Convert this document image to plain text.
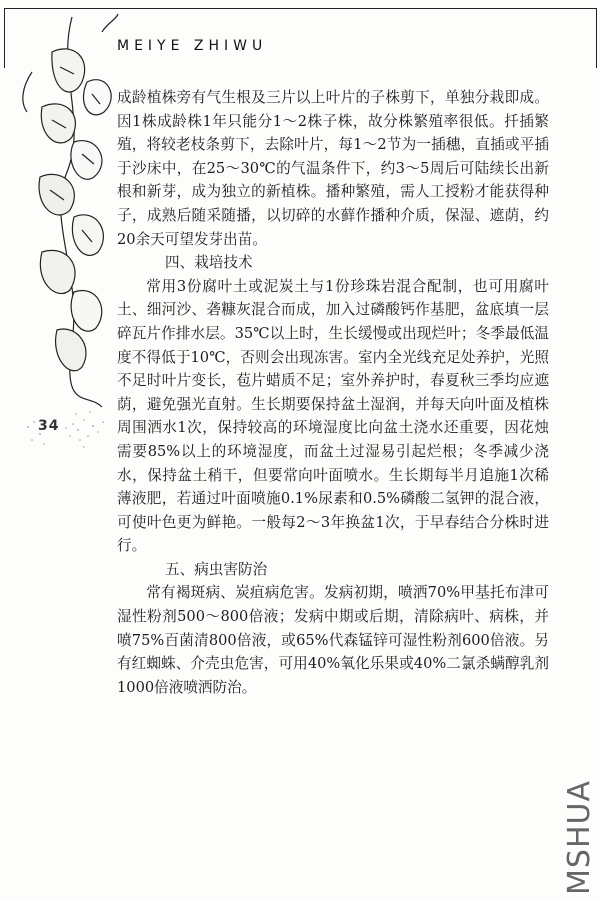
MEIYE ZHIWU
34

成龄植株旁有气生根及三片以上叶片的子株剪下，单独分栽即成。因1株成龄株1年只能分1～2株子株，故分株繁殖率很低。扦插繁殖，将较老枝条剪下，去除叶片，每1～2节为一插穗，直插或平插于沙床中，在25～30℃的气温条件下，约3～5周后可陆续长出新根和新芽，成为独立的新植株。播种繁殖，需人工授粉才能获得种子，成熟后随采随播，以切碎的水藓作播种介质，保湿、遮荫，约20余天可望发芽出苗。

四、栽培技术

常用3份腐叶土或泥炭土与1份珍珠岩混合配制，也可用腐叶土、细河沙、砻糠灰混合而成，加入过磷酸钙作基肥，盆底填一层碎瓦片作排水层。35℃以上时，生长缓慢或出现烂叶；冬季最低温度不得低于10℃，否则会出现冻害。室内全光线充足处养护，光照不足时叶片变长，苞片蜡质不足；室外养护时，春夏秋三季均应遮荫，避免强光直射。生长期要保持盆土湿润，并每天向叶面及植株周围洒水1次，保持较高的环境湿度比向盆土浇水还重要，因花烛需要85%以上的环境湿度，而盆土过湿易引起烂根；冬季减少浇水，保持盆土稍干，但要常向叶面喷水。生长期每半月追施1次稀薄液肥，若通过叶面喷施0.1%尿素和0.5%磷酸二氢钾的混合液，可使叶色更为鲜艳。一般每2～3年换盆1次，于早春结合分株时进行。

五、病虫害防治

常有褐斑病、炭疽病危害。发病初期，喷洒70%甲基托布津可湿性粉剂500～800倍液；发病中期或后期，清除病叶、病株，并喷75%百菌清800倍液，或65%代森锰锌可湿性粉剂600倍液。另有红蜘蛛、介壳虫危害，可用40%氧化乐果或40%二氯杀螨醇乳剂1000倍液喷洒防治。

MSHUA
